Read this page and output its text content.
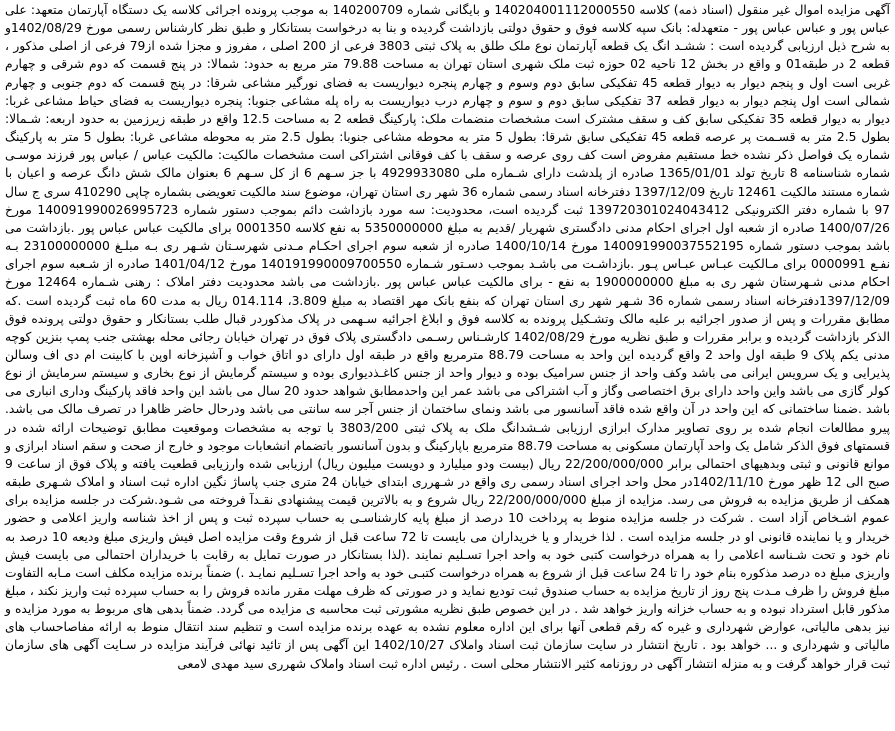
آگهی مزایده اموال غیر منقول (اسناد ذمه) کلاسه 140204001112000550 و بایگانی شماره 140200709 به موجب پرونده اجرائی کلاسه یک دستگاه آپارتمان متعهد: علی عباس پور و عباس عباس پور - متعهدله: بانک سپه کلاسه فوق و حقوق دولتی بازداشت گردیده و بنا به درخواست بستانکار و طبق نظر کارشناس رسمی مورخ 1402/08/29و به شرح ذیل ارزیابی گردیده است : ششـد انگ یک قطعه آپارتمان نوع ملک طلق به پلاک ثبتی 3803 فرعی از 200 اصلی ، مفروز و مجزا شده از79 فرعی از اصلی مذکور ، قطعه 2 در طبقه01 و واقع در بخش 12 ناحیه 02 حوزه ثبت ملک شهری استان تهران به مساحت 79.88 متر مربع به حدود: شمالا: در پنج قسمت که دوم شرقی و چهارم غربی است اول و پنجم دیوار به دیوار قطعه 45 تفکیکی سابق دوم وسوم و چهارم پنجره دیواریست به فضای نورگیر مشاعی شرقا: در پنج قسمت که دوم جنوبی و چهارم شمالی است اول پنجم دیوار به دیوار قطعه 37 تفکیکی سابق دوم و سوم و چهارم درب دیواریست به راه پله مشاعی جنوبا: پنجره دیواریست به فضای حیاط مشاعی غربا: دیوار به دیوار قطعه 35 تفکیکی سابق کف و سقف مشترک است مشخصات منضمات ملک: پارکینگ قطعه 2 به مساحت 12.5 واقع در طبقه زیرزمین به حدود اربعه: شـمالا: بطول 2.5 متر به قسـمت پر عرصه قطعه 45 تفکیکی سابق شرقا: بطول 5 متر به محوطه مشاعی جنوبا: بطول 2.5 متر به محوطه مشاعی غربا: بطول 5 متر به پارکینگ شماره یک فواصل ذکر نشده خط مستقیم مفروض است کف روی عرصه و سقف با کف فوقانی اشتراکی است مشخصات مالکیت: مالکیت عباس / عباس پور فرزند موسـی شماره شناسنامه 8 تاریخ تولد 1365/01/01 صادره از پلدشت دارای شـماره ملی 4929933080 با جز سـهم 6 از کل سـهم 6 بعنوان مالک شش دانگ عرصه و اعیان با شماره مستند مالکیت 12461 تاریخ 1397/12/09 دفترخانه اسناد رسمی شماره 36 شهر ری استان تهران، موضوع سند مالکیت تعویضی بشماره چاپی 410290 سری ج سال 97 با شماره دفتر الکترونیکی 139720301024043412 ثبت گردیده است، محدودیت: سه مورد بازداشت دائم بموجب دستور شماره 140091990026995723 مورخ 1400/07/26 صادره از شعبه اول اجرای احکام مدنی دادگستری شهریار /قدیم به مبلغ 5350000000 به نفع کلاسه 0001350 برای مالکیت عباس عباس پور .بازداشت می باشد بموجب دستور شماره 140091990037552195 مورخ 1400/10/14 صادره از شعبه سوم اجرای احکـام مـدنی شهرسـتان شـهر ری بـه مبلـغ 23100000000 بـه نفـع 0000991 برای مـالکیت عبـاس عبـاس پـور .بازداشـت می باشـد بموجب دسـتور شـماره 140191990009700550 مورخ 1401/04/12 صادره از شـعبه سوم اجرای احکام مدنی شـهرستان شهر ری به مبلغ 1900000000 به نفع - برای مالکیت عباس عباس پور .بازداشت می باشد محدودیت دفتر املاک : رهنی شـماره 12464 مورخ 1397/12/09دفترخانه اسناد رسمی شماره 36 شـهر شهر ری استان تهران که بنفع بانک مهر اقتصاد به مبلغ 3.809، 014.114 ریال به مدت 60 ماه ثبت گردیده است .که مطابق مقررات و پس از صدور اجرائیه بر علیه مالک وتشـکیل پرونده به کلاسه فوق و ابلاغ اجرائیه سـهمی در پلاک مذکوردر قبال طلب بستانکار و حقوق دولتی پرونده فوق الذکر بازداشت گردیده و برابر مقررات و طبق نظریه مورخ 1402/08/29 کارشـناس رسـمی دادگستری پلاک فوق در تهران خیابان رجائی محله بهشتی جنب پمپ بنزین کوچه مدنی یکم پلاک 9 طبقه اول واحد 2 واقع گردیده این واحد به مساحت 88.79 مترمربع واقع در طبقه اول دارای دو اتاق خواب و آشپزخانه اوپن با کابینت ام دی اف وسالن پذیرایی و یک سرویس ایرانی می باشد وکف واحد از جنس سرامیک بوده و دیوار واحد از جنس کاغـذدیواری بوده و سیستم گرمایش از نوع بخاری و سیستم سرمایش از نوع کولر گازی می باشد واین واحد دارای برق اختصاصی وگاز و آب اشتراکی می باشد عمر این واحدمطابق شواهد حدود 20 سال می باشد این واحد فاقد پارکینگ وداری انباری می باشد .ضمنا ساختمانی که این واحد در آن واقع شده فاقد آسانسور می باشد ونمای ساختمان از جنس آجر سه سانتی می باشد ودرحال حاضر ظاهرا در تصرف مالک می باشد. پیرو مطالعات انجام شده بر روی تصاویر مدارک ابرازی ارزیابی شـشدانگ ملک به پلاک ثبتی 3803/200 با توجه به مشخصات وموقعیت مطابق توضیحات ارائه شده در قسمتهای فوق الذکر شامل یک واحد آپارتمان مسکونی به مساحت 88.79 مترمربع باپارکینگ و بدون آسانسور باتضمام انشعابات موجود و خارج از صحت و سقم اسناد ابرازی و موانع قانونی و ثبتی وبدهیهای احتمالی برابر 22/200/000/000 ریال (بیست ودو میلیارد و دویست میلیون ریال) ارزیابی شده وارزیابی قطعیت یافته و پلاک فوق از ساعت 9 صبح الی 12 ظهر مورخ 1402/11/10در محل واحد اجرای اسناد رسمی ری واقع در شـهرری ابتدای خیابان 24 متری جنب پاساژ نگین اداره ثبت اسناد و املاک شـهری طبقه همکف از طریق مزایده به فروش می رسد. مزایده از مبلغ 22/200/000/000 ریال شروع و به بالاترین قیمت پیشنهادی نقـدآ فروخته می شـود.شرکت در جلسه مزایده برای عموم اشـخاص آزاد است . شرکت در جلسه مزایده منوط به پرداخت 10 درصد از مبلغ پایه کارشناسـی به حساب سپرده ثبت و پس از اخذ شناسه واریز اعلامی و حضور خریدار و یا نماینده قانونی او در جلسه مزایده است . لذا خریدار و یا خریداران می بایست تا 72 ساعت قبل از شروع وقت مزایده اصل فیش واریزی مبلغ ودیعه 10 درصد به نام خود و تحت شـناسه اعلامی را به همراه درخواست کتبی خود به واحد اجرا تسـلیم نمایند .(لذا بستانکار در صورت تمایل به رقابت با خریداران احتمالی می بایست فیش واریزی مبلغ ده درصد مذکوره بنام خود را تا 24 ساعت قبل از شروع به همراه درخواست کتبـی خود به واحد اجرا تسـلیم نمایـد .) ضمناً برنده مزایده مکلف است مـابه التفاوت مبلغ فروش را ظرف مـدت پنج روز از تاریخ مزایده به حساب صندوق ثبت تودیع نماید و در صورتی که ظرف مهلت مقرر مانده فروش را به حساب سپرده ثبت واریز نکند ، مبلغ مذکور قابل استرداد نبوده و به حساب خزانه واریز خواهد شد . در این خصوص طبق نظریه مشورتی ثبت محاسبه ی مزایده می گردد. ضمناً بدهی های مربوط به مورد مزایده و نیز بدهی مالیاتی، عوارض شهرداری و غیره که رقم قطعی آنها برای این اداره معلوم نشده به عهده برنده مزایده است و تنظیم سند انتقال منوط به ارائه مفاصاحساب های مالیاتی و شهرداری و ... خواهد بود . تاریخ انتشار در سایت سازمان ثبت اسناد واملاک 1402/10/27 این آگهی پس از تائید نهائی فرآیند مزایده در سـایت آگهی های سازمان ثبت قرار خواهد گرفت و به منزله انتشار آگهی در روزنامه کثیر الانتشار محلی است . رئیس اداره ثبت اسناد واملاک شهرری سید مهدی لامعی
